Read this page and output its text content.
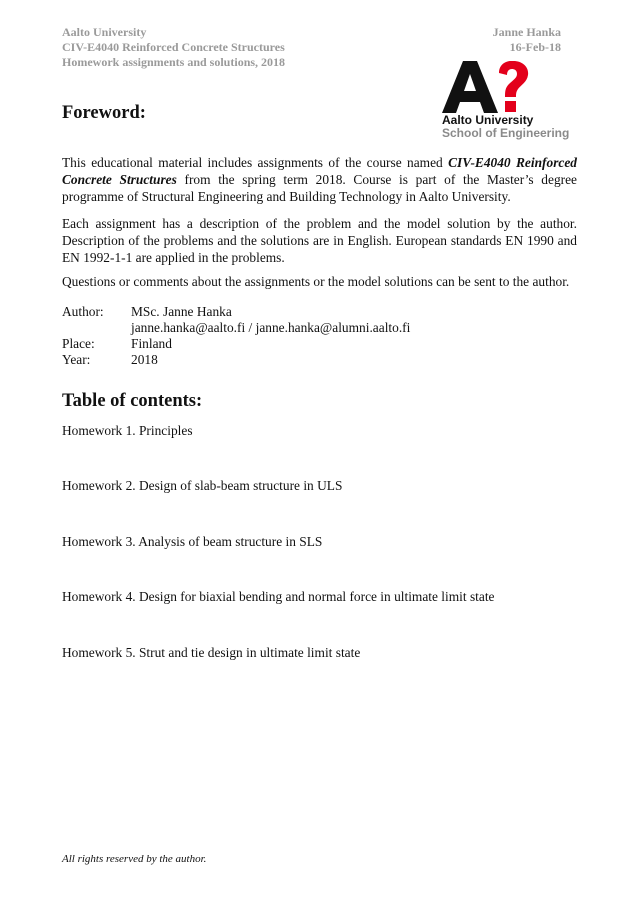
Aalto University
CIV-E4040 Reinforced Concrete Structures
Homework assignments and solutions, 2018
Janne Hanka
16-Feb-18
Aalto University
School of Engineering
Foreword:

This educational material includes assignments of the course named CIV-E4040 Reinforced Concrete Structures from the spring term 2018. Course is part of the Master’s degree programme of Structural Engineering and Building Technology in Aalto University.

Each assignment has a description of the problem and the model solution by the author. Description of the problems and the solutions are in English. European standards EN 1990 and EN 1992-1-1 are applied in the problems.

Questions or comments about the assignments or the model solutions can be sent to the author.

Author:	MSc. Janne Hanka
janne.hanka@aalto.fi / janne.hanka@alumni.aalto.fi
Place:	Finland
Year:	2018
Table of contents:
Homework 1. Principles
Homework 2. Design of slab-beam structure in ULS
Homework 3. Analysis of beam structure in SLS
Homework 4. Design for biaxial bending and normal force in ultimate limit state
Homework 5. Strut and tie design in ultimate limit state
All rights reserved by the author.
